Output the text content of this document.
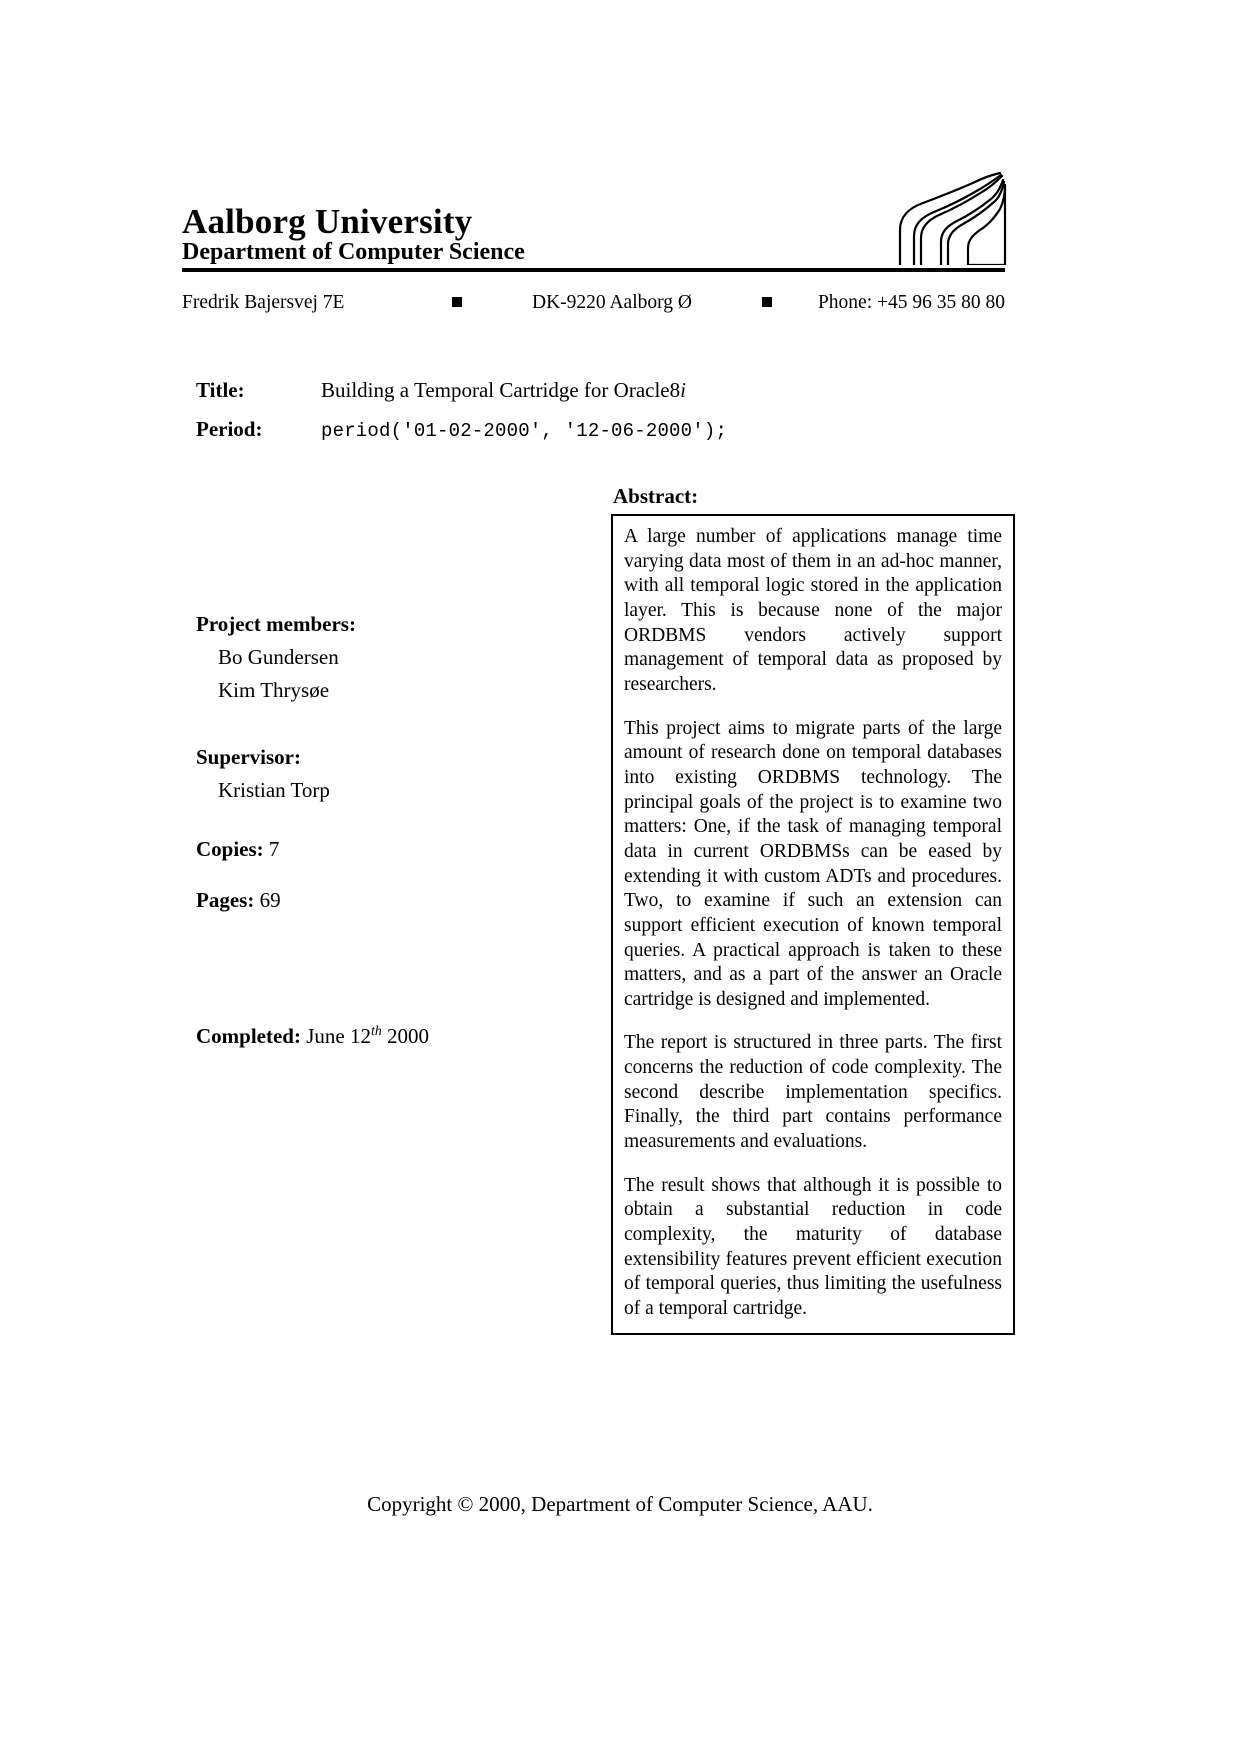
Aalborg University
Department of Computer Science
Fredrik Bajersvej 7E	DK-9220 Aalborg Ø	Phone: +45 96 35 80 80
Title:	Building a Temporal Cartridge for Oracle8i
Period:	period('01-02-2000', '12-06-2000');
Project members:
Bo Gundersen
Kim Thrysøe
Supervisor:
Kristian Torp

Copies: 7

Pages: 69

Completed: June 12th 2000
Abstract:

A large number of applications manage time varying data most of them in an ad-hoc manner, with all temporal logic stored in the application layer. This is because none of the major ORDBMS vendors actively support management of temporal data as proposed by researchers.

This project aims to migrate parts of the large amount of research done on temporal databases into existing ORDBMS technology. The principal goals of the project is to examine two matters: One, if the task of managing temporal data in current ORDBMSs can be eased by extending it with custom ADTs and procedures. Two, to examine if such an extension can support efficient execution of known temporal queries. A practical approach is taken to these matters, and as a part of the answer an Oracle cartridge is designed and implemented.

The report is structured in three parts. The first concerns the reduction of code complexity. The second describe implementation specifics. Finally, the third part contains performance measurements and evaluations.

The result shows that although it is possible to obtain a substantial reduction in code complexity, the maturity of database extensibility features prevent efficient execution of temporal queries, thus limiting the usefulness of a temporal cartridge.

Copyright © 2000, Department of Computer Science, AAU.
